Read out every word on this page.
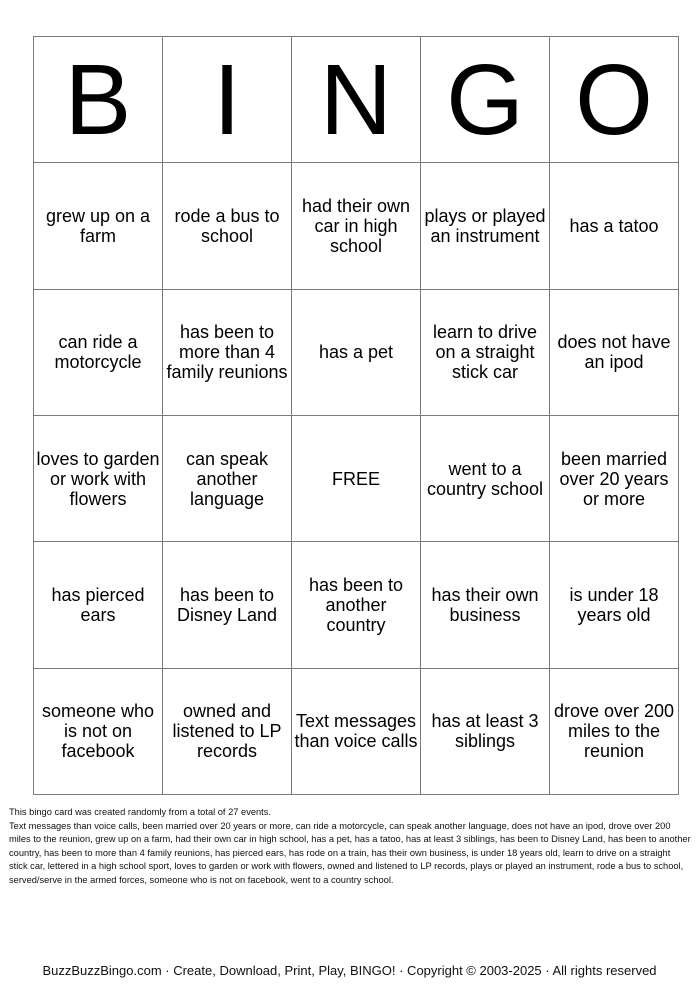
B	I	N	G	O
grew up on a farm	rode a bus to school	had their own car in high school	plays or played an instrument	has a tatoo
can ride a motorcycle	has been to more than 4 family reunions	has a pet	learn to drive on a straight stick car	does not have an ipod
loves to garden or work with flowers	can speak another language	FREE	went to a country school	been married over 20 years or more
has pierced ears	has been to Disney Land	has been to another country	has their own business	is under 18 years old
someone who is not on facebook	owned and listened to LP records	Text messages than voice calls	has at least 3 siblings	drove over 200 miles to the reunion
This bingo card was created randomly from a total of 27 events.
Text messages than voice calls, been married over 20 years or more, can ride a motorcycle, can speak another language, does not have an ipod, drove over 200 miles to the reunion, grew up on a farm, had their own car in high school, has a pet, has a tatoo, has at least 3 siblings, has been to Disney Land, has been to another country, has been to more than 4 family reunions, has pierced ears, has rode on a train, has their own business, is under 18 years old, learn to drive on a straight stick car, lettered in a high school sport, loves to garden or work with flowers, owned and listened to LP records, plays or played an instrument, rode a bus to school, served/serve in the armed forces, someone who is not on facebook, went to a country school.
BuzzBuzzBingo.com · Create, Download, Print, Play, BINGO! · Copyright © 2003-2025 · All rights reserved
